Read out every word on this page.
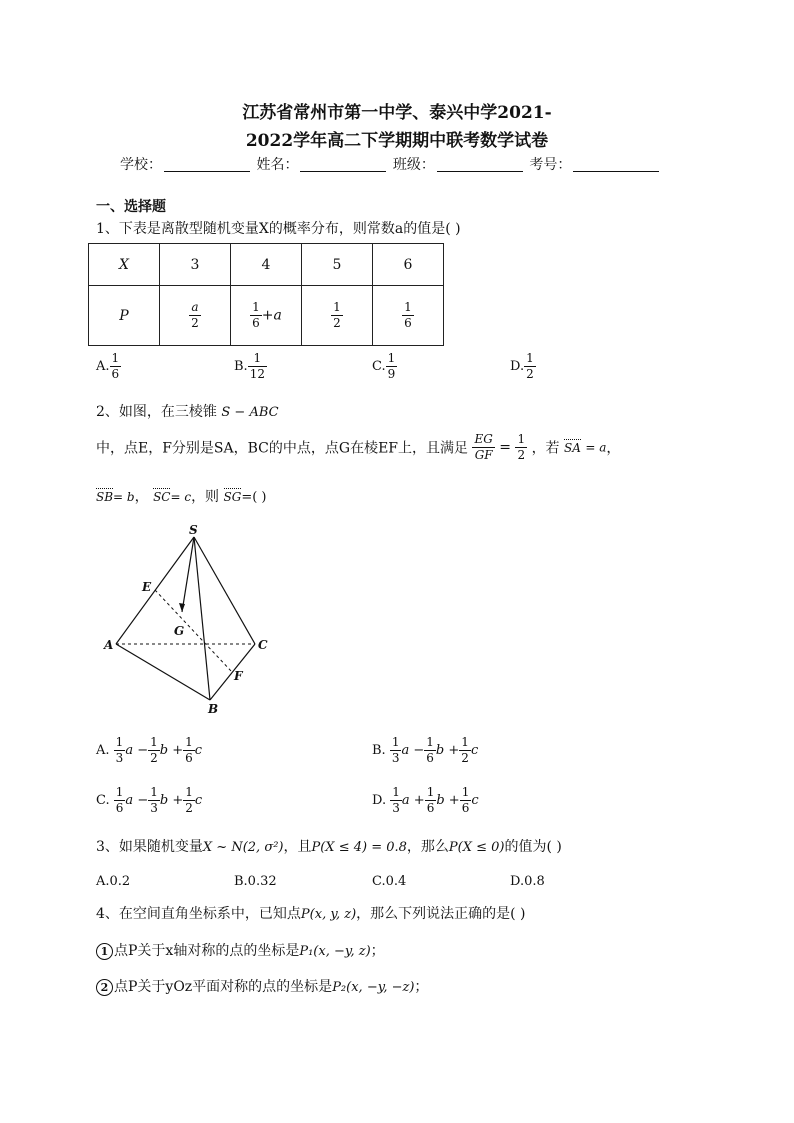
江苏省常州市第一中学、泰兴中学2021-
2022学年高二下学期期中联考数学试卷
学校：	姓名：	班级：	考号：
一、选择题
1、下表是离散型随机变量X的概率分布，则常数a的值是( )
X	3	4	5	6
P	$\frac{a}{2}$	$\frac{1}{6} +a$	$\frac{1}{2}$	$\frac{1}{6}$
A. $\frac{1}{6}$	B. $\frac{1}{12}$	C. $\frac{1}{9}$	D. $\frac{1}{2}$
2、如图，在三棱锥 S − ABC
中，点E，F分别是SA，BC的中点，点G在棱EF上，且满足 $\frac{EG}{GF} = \frac{1}{2}$ ，若 SA = a，
SB= b， SC= c，则 SG=( )
S
E
G
A	C
F
B
A. $\frac{1}{3}$ $a - \frac{1}{2}$ $b + \frac{1}{6}$ c	B. $\frac{1}{3}$ $a - \frac{1}{6}$ $b + \frac{1}{2}$ c
C. $\frac{1}{6}$ $a - \frac{1}{3}$ $b + \frac{1}{2}$ c	D. $\frac{1}{3}$ $a + \frac{1}{6}$ $b + \frac{1}{6}$ c
3、如果随机变量X ~ N(2, σ²)，且P(X ≤ 4) = 0.8，那么P(X ≤ 0)的值为( )
A.0.2	B.0.32	C.0.4	D.0.8
4、在空间直角坐标系中，已知点P(x, y, z)，那么下列说法正确的是( )
1 点P关于x轴对称的点的坐标是P₁(x, −y, z)；
2 点P关于yOz平面对称的点的坐标是P₂(x, −y, −z)；
